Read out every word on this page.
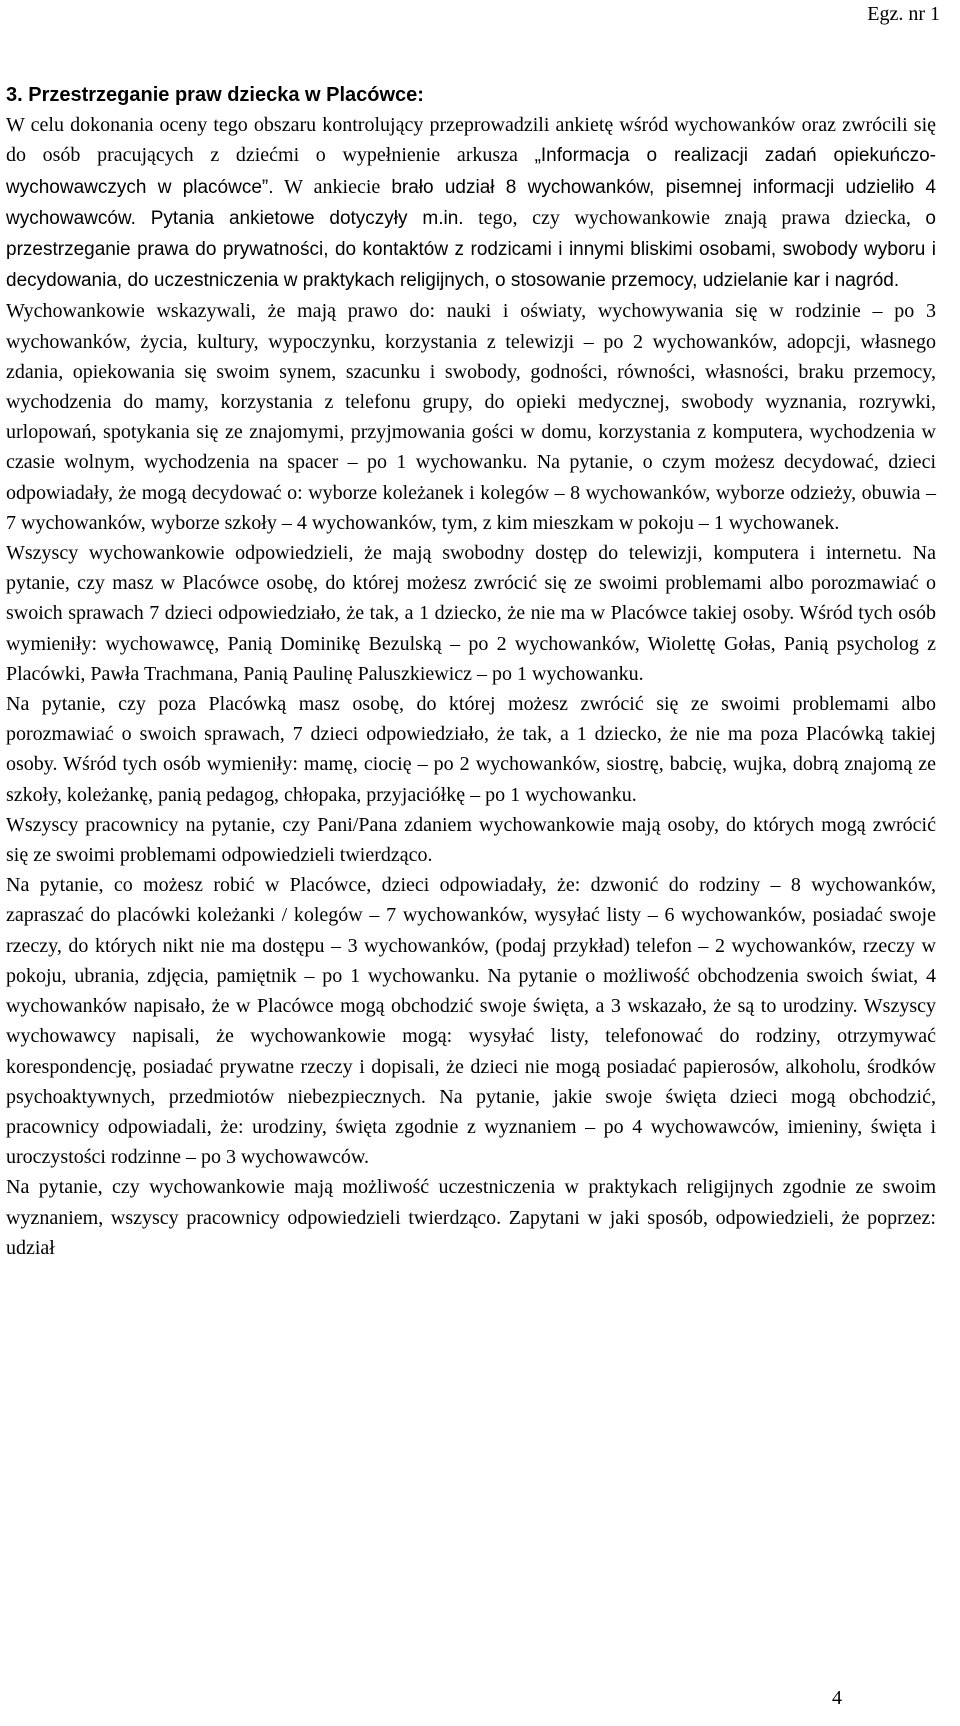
Egz. nr 1

3. Przestrzeganie praw dziecka w Placówce:
W celu dokonania oceny tego obszaru kontrolujący przeprowadzili ankietę wśród wychowanków oraz zwrócili się do osób pracujących z dziećmi o wypełnienie arkusza „Informacja o realizacji zadań opiekuńczo-wychowawczych w placówce”. W ankiecie brało udział 8 wychowanków, pisemnej informacji udzieliło 4 wychowawców. Pytania ankietowe dotyczyły m.in. tego, czy wychowankowie znają prawa dziecka, o przestrzeganie prawa do prywatności, do kontaktów z rodzicami i innymi bliskimi osobami, swobody wyboru i decydowania, do uczestniczenia w praktykach religijnych, o stosowanie przemocy, udzielanie kar i nagród.

Wychowankowie wskazywali, że mają prawo do: nauki i oświaty, wychowywania się w rodzinie – po 3 wychowanków, życia, kultury, wypoczynku, korzystania z telewizji – po 2 wychowanków, adopcji, własnego zdania, opiekowania się swoim synem, szacunku i swobody, godności, równości, własności, braku przemocy, wychodzenia do mamy, korzystania z telefonu grupy, do opieki medycznej, swobody wyznania, rozrywki, urlopowań, spotykania się ze znajomymi, przyjmowania gości w domu, korzystania z komputera, wychodzenia w czasie wolnym, wychodzenia na spacer – po 1 wychowanku. Na pytanie, o czym możesz decydować, dzieci odpowiadały, że mogą decydować o: wyborze koleżanek i kolegów – 8 wychowanków, wyborze odzieży, obuwia – 7 wychowanków, wyborze szkoły – 4 wychowanków, tym, z kim mieszkam w pokoju – 1 wychowanek.

Wszyscy wychowankowie odpowiedzieli, że mają swobodny dostęp do telewizji, komputera i internetu. Na pytanie, czy masz w Placówce osobę, do której możesz zwrócić się ze swoimi problemami albo porozmawiać o swoich sprawach 7 dzieci odpowiedziało, że tak, a 1 dziecko, że nie ma w Placówce takiej osoby. Wśród tych osób wymieniły: wychowawcę, Panią Dominikę Bezulską – po 2 wychowanków, Wiolettę Gołas, Panią psycholog z Placówki, Pawła Trachmana, Panią Paulinę Paluszkiewicz – po 1 wychowanku.

Na pytanie, czy poza Placówką masz osobę, do której możesz zwrócić się ze swoimi problemami albo porozmawiać o swoich sprawach, 7 dzieci odpowiedziało, że tak, a 1 dziecko, że nie ma poza Placówką takiej osoby. Wśród tych osób wymieniły: mamę, ciocię – po 2 wychowanków, siostrę, babcię, wujka, dobrą znajomą ze szkoły, koleżankę, panią pedagog, chłopaka, przyjaciółkę – po 1 wychowanku.

Wszyscy pracownicy na pytanie, czy Pani/Pana zdaniem wychowankowie mają osoby, do których mogą zwrócić się ze swoimi problemami odpowiedzieli twierdząco.

Na pytanie, co możesz robić w Placówce, dzieci odpowiadały, że: dzwonić do rodziny – 8 wychowanków, zapraszać do placówki koleżanki / kolegów – 7 wychowanków, wysyłać listy – 6 wychowanków, posiadać swoje rzeczy, do których nikt nie ma dostępu – 3 wychowanków, (podaj przykład) telefon – 2 wychowanków, rzeczy w pokoju, ubrania, zdjęcia, pamiętnik – po 1 wychowanku. Na pytanie o możliwość obchodzenia swoich świat, 4 wychowanków napisało, że w Placówce mogą obchodzić swoje święta, a 3 wskazało, że są to urodziny. Wszyscy wychowawcy napisali, że wychowankowie mogą: wysyłać listy, telefonować do rodziny, otrzymywać korespondencję, posiadać prywatne rzeczy i dopisali, że dzieci nie mogą posiadać papierosów, alkoholu, środków psychoaktywnych, przedmiotów niebezpiecznych. Na pytanie, jakie swoje święta dzieci mogą obchodzić, pracownicy odpowiadali, że: urodziny, święta zgodnie z wyznaniem – po 4 wychowawców, imieniny, święta i uroczystości rodzinne – po 3 wychowawców.

Na pytanie, czy wychowankowie mają możliwość uczestniczenia w praktykach religijnych zgodnie ze swoim wyznaniem, wszyscy pracownicy odpowiedzieli twierdząco. Zapytani w jaki sposób, odpowiedzieli, że poprzez: udział

4
